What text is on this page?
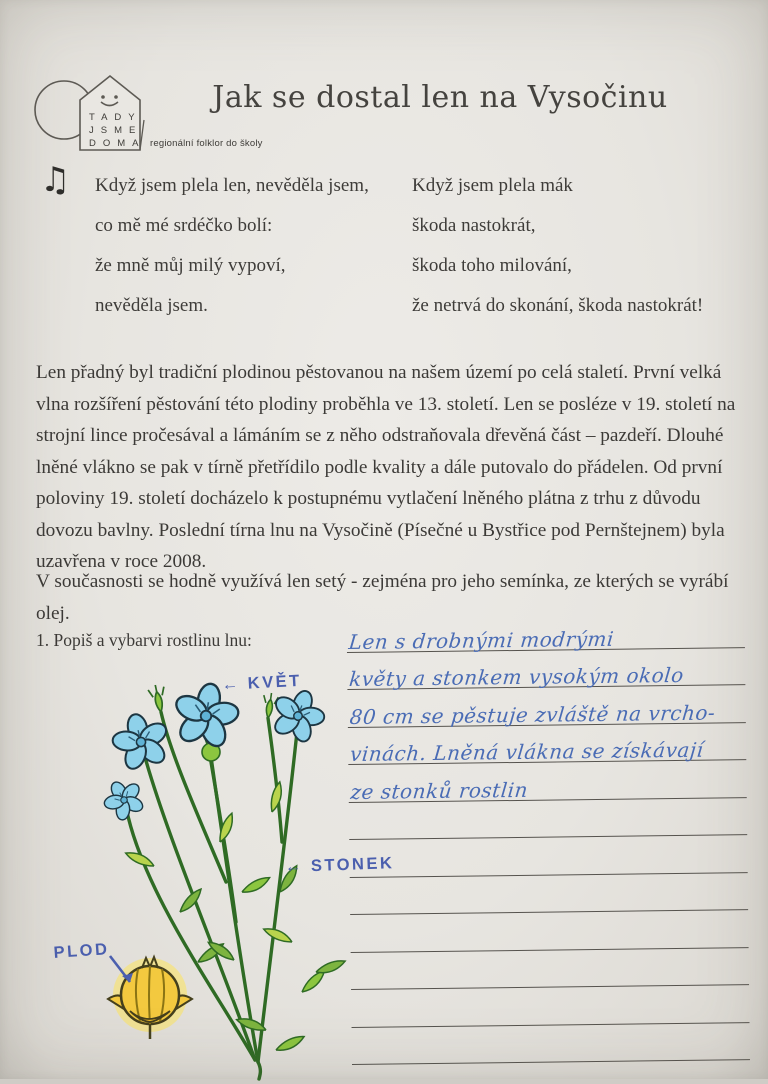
TADY
JSME
DOMA regionální folklor do školy
Jak se dostal len na Vysočinu
♫ Když jsem plela len, nevěděla jsem,
co mě mé srdéčko bolí:
že mně můj milý vypoví,
nevěděla jsem.
Když jsem plela mák
škoda nastokrát,
škoda toho milování,
že netrvá do skonání, škoda nastokrát!

Len přadný byl tradiční plodinou pěstovanou na našem území po celá staletí. První velká vlna rozšíření pěstování této plodiny proběhla ve 13. století. Len se posléze v 19. století na strojní lince pročesával a lámáním se z něho odstraňovala dřevěná část – pazdeří. Dlouhé lněné vlákno se pak v tírně přetřídilo podle kvality a dále putovalo do přádelen. Od první poloviny 19. století docházelo k postupnému vytlačení lněného plátna z trhu z důvodu dovozu bavlny. Poslední tírna lnu na Vysočině (Písečné u Bystřice pod Pernštejnem) byla uzavřena v roce 2008.

V současnosti se hodně využívá len setý - zejména pro jeho semínka, ze kterých se vyrábí olej.

1. Popiš a vybarvi rostlinu lnu:
← KVĚT
← STONEK
PLOD
Len s drobnými modrými
květy a stonkem vysokým okolo
80 cm se pěstuje zvláště na vrcho-
vinách. Lněná vlákna se získávají
ze stonků rostlin
